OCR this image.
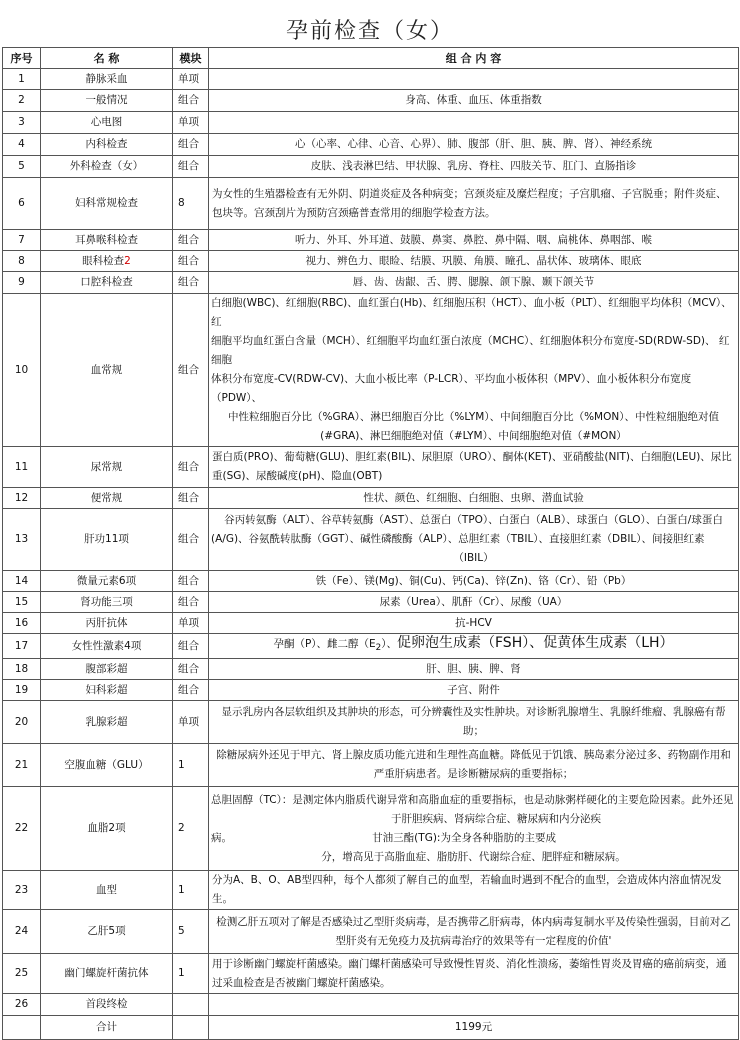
孕前检查（女）
序号	名 称	模块	组 合 内 容
1	静脉采血	单项	
2	一般情况	组合	身高、体重、血压、体重指数
3	心电图	单项	
4	内科检查	组合	心（心率、心律、心音、心界）、肺、腹部（肝、胆、胰、脾、肾）、神经系统
5	外科检查（女）	组合	皮肤、浅表淋巴结、甲状腺、乳房、脊柱、四肢关节、肛门、直肠指诊
6	妇科常规检查	8	为女性的生殖器检查有无外阴、阴道炎症及各种病变；宫颈炎症及糜烂程度；子宫肌瘤、子宫脱垂；附件炎症、包块等。宫颈刮片为预防宫颈癌普查常用的细胞学检查方法。
7	耳鼻喉科检查	组合	听力、外耳、外耳道、鼓膜、鼻窦、鼻腔、鼻中隔、咽、扁桃体、鼻咽部、喉
8	眼科检查2	组合	视力、辨色力、眼睑、结膜、巩膜、角膜、瞳孔、晶状体、玻璃体、眼底
9	口腔科检查	组合	唇、齿、齿龈、舌、腭、腮腺、颌下腺、颞下颌关节
10	血常规	组合	白细胞(WBC)、红细胞(RBC)、血红蛋白(Hb)、红细胞压积（HCT）、血小板（PLT）、红细胞平均体积（MCV）、红
细胞平均血红蛋白含量（MCH）、红细胞平均血红蛋白浓度（MCHC）、红细胞体积分布宽度-SD(RDW-SD)、 红细胞
体积分布宽度-CV(RDW-CV)、大血小板比率（P-LCR）、平均血小板体积（MPV）、血小板体积分布宽度（PDW）、
中性粒细胞百分比（%GRA）、淋巴细胞百分比（%LYM）、中间细胞百分比（%MON）、中性粒细胞绝对值
(#GRA)、淋巴细胞绝对值（#LYM）、中间细胞绝对值（#MON）

11	尿常规	组合	蛋白质(PRO)、葡萄糖(GLU)、胆红素(BIL)、尿胆原（URO）、酮体(KET)、亚硝酸盐(NIT)、白细胞(LEU)、尿比重(SG)、尿酸碱度(pH)、隐血(OBT)
12	便常规	组合	性状、颜色、红细胞、白细胞、虫卵、潜血试验
13	肝功11项	组合	谷丙转氨酶（ALT）、谷草转氨酶（AST）、总蛋白（TPO）、白蛋白（ALB）、球蛋白（GLO）、白蛋白/球蛋白
(A/G)、谷氨酰转肽酶（GGT）、碱性磷酸酶（ALP）、总胆红素（TBIL）、直接胆红素（DBIL）、间接胆红素
（IBIL）

14	微量元素6项	组合	铁（Fe）、镁(Mg)、铜(Cu)、钙(Ca)、锌(Zn)、铬（Cr）、铅（Pb）
15	肾功能三项	组合	尿素（Urea）、肌酐（Cr）、尿酸（UA）
16	丙肝抗体	单项	抗-HCV
17	女性性激素4项	组合	孕酮（P）、雌二醇$(E_2)$、促卵泡生成素（FSH）、促黄体生成素（LH）
18	腹部彩超	组合	肝、胆、胰、脾、肾
19	妇科彩超	组合	子宫、附件
20	乳腺彩超	单项	显示乳房内各层软组织及其肿块的形态，可分辨囊性及实性肿块。对诊断乳腺增生、乳腺纤维瘤、乳腺癌有帮助；
21	空腹血糖（GLU）	1	除糖尿病外还见于甲亢、肾上腺皮质功能亢进和生理性高血糖。降低见于饥饿、胰岛素分泌过多、药物副作用和严重肝病患者。是诊断糖尿病的重要指标；
22	血脂2项	2	总胆固醇（TC）：是测定体内脂质代谢异常和高脂血症的重要指标，也是动脉粥样硬化的主要危险因素。此外还见
于肝胆疾病、肾病综合症、糖尿病和内分泌疾
病。                                          甘油三酯(TG):为全身各种脂肪的主要成
分，增高见于高脂血症、脂肪肝、代谢综合症、肥胖症和糖尿病。

23	血型	1	分为A、B、O、AB型四种，每个人都须了解自己的血型，若输血时遇到不配合的血型，会造成体内溶血情况发生。
24	乙肝5项	5	检测乙肝五项对了解是否感染过乙型肝炎病毒，是否携带乙肝病毒，体内病毒复制水平及传染性强弱，目前对乙型肝炎有无免疫力及抗病毒治疗的效果等有一定程度的价值'
25	幽门螺旋杆菌抗体	1	用于诊断幽门螺旋杆菌感染。幽门螺杆菌感染可导致慢性胃炎、消化性溃疡，萎缩性胃炎及胃癌的癌前病变，通过采血检查是否被幽门螺旋杆菌感染。
26	首段终检		
	合计		1199元
